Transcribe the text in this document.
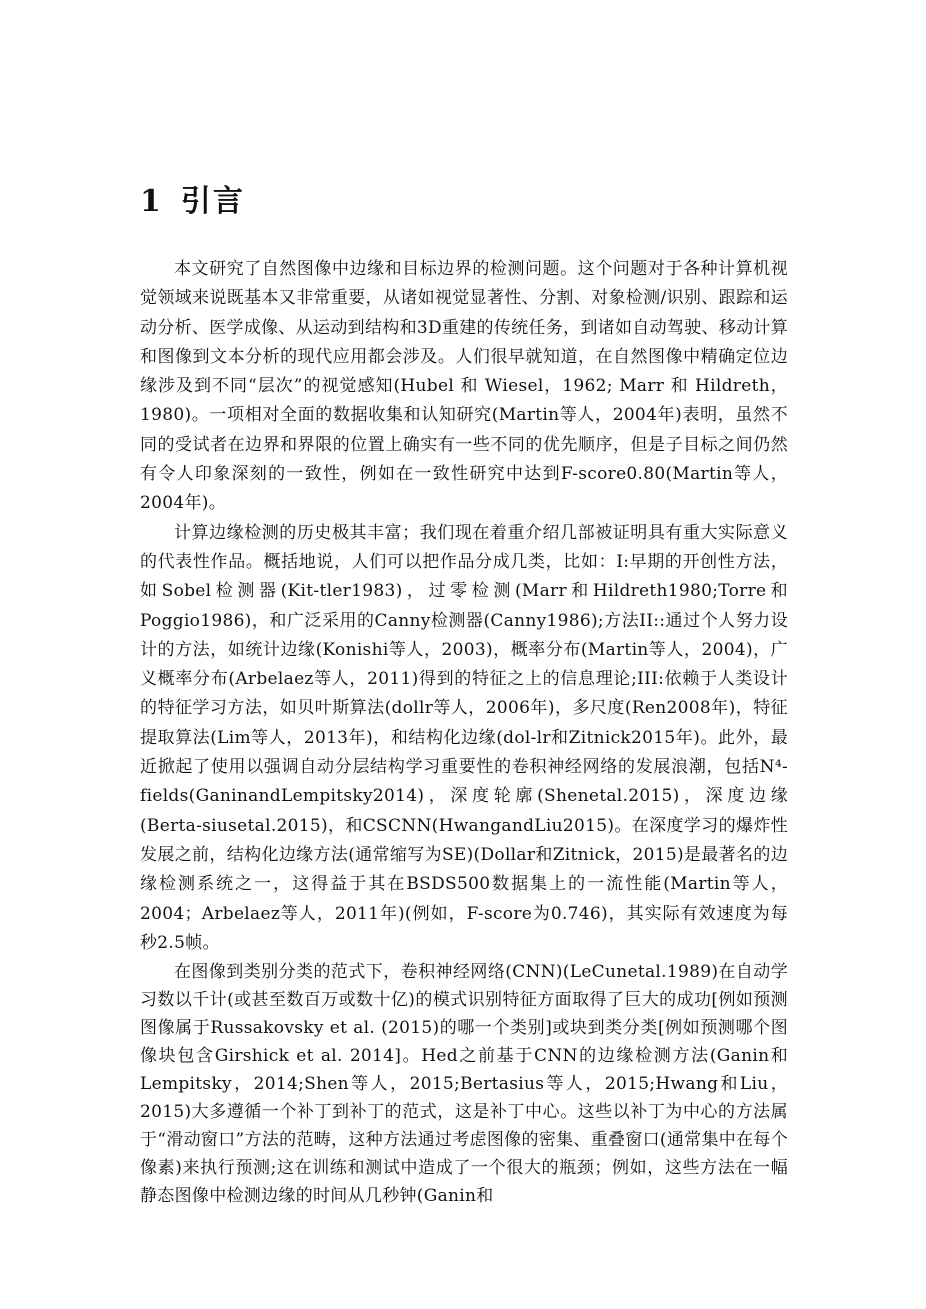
1 引言

本文研究了自然图像中边缘和目标边界的检测问题。这个问题对于各种计算机视觉领域来说既基本又非常重要，从诸如视觉显著性、分割、对象检测/识别、跟踪和运动分析、医学成像、从运动到结构和3D重建的传统任务，到诸如自动驾驶、移动计算和图像到文本分析的现代应用都会涉及。人们很早就知道，在自然图像中精确定位边缘涉及到不同“层次”的视觉感知(Hubel 和 Wiesel，1962; Marr 和 Hildreth，1980)。一项相对全面的数据收集和认知研究(Martin等人，2004年)表明，虽然不同的受试者在边界和界限的位置上确实有一些不同的优先顺序，但是子目标之间仍然有令人印象深刻的一致性，例如在一致性研究中达到F-score0.80(Martin等人，2004年)。

计算边缘检测的历史极其丰富；我们现在着重介绍几部被证明具有重大实际意义的代表性作品。概括地说，人们可以把作品分成几类，比如：I:早期的开创性方法，如Sobel检测器(Kit-tler1983)，过零检测(Marr和Hildreth1980;Torre和Poggio1986)，和广泛采用的Canny检测器(Canny1986);方法II::通过个人努力设计的方法，如统计边缘(Konishi等人，2003)，概率分布(Martin等人，2004)，广义概率分布(Arbelaez等人，2011)得到的特征之上的信息理论;III:依赖于人类设计的特征学习方法，如贝叶斯算法(dollr等人，2006年)，多尺度(Ren2008年)，特征提取算法(Lim等人，2013年)，和结构化边缘(dol-lr和Zitnick2015年)。此外，最近掀起了使用以强调自动分层结构学习重要性的卷积神经网络的发展浪潮，包括N⁴-fields(GaninandLempitsky2014)，深度轮廓(Shenetal.2015)，深度边缘(Berta-siusetal.2015)，和CSCNN(HwangandLiu2015)。在深度学习的爆炸性发展之前，结构化边缘方法(通常缩写为SE)(Dollar和Zitnick，2015)是最著名的边缘检测系统之一，这得益于其在BSDS500数据集上的一流性能(Martin等人，2004；Arbelaez等人，2011年)(例如，F-score为0.746)，其实际有效速度为每秒2.5帧。

在图像到类别分类的范式下，卷积神经网络(CNN)(LeCunetal.1989)在自动学习数以千计(或甚至数百万或数十亿)的模式识别特征方面取得了巨大的成功[例如预测图像属于Russakovsky et al. (2015)的哪一个类别]或块到类分类[例如预测哪个图像块包含Girshick et al. 2014]。Hed之前基于CNN的边缘检测方法(Ganin和Lempitsky，2014;Shen等人，2015;Bertasius等人，2015;Hwang和Liu，2015)大多遵循一个补丁到补丁的范式，这是补丁中心。这些以补丁为中心的方法属于“滑动窗口”方法的范畴，这种方法通过考虑图像的密集、重叠窗口(通常集中在每个像素)来执行预测;这在训练和测试中造成了一个很大的瓶颈；例如，这些方法在一幅静态图像中检测边缘的时间从几秒钟(Ganin和
